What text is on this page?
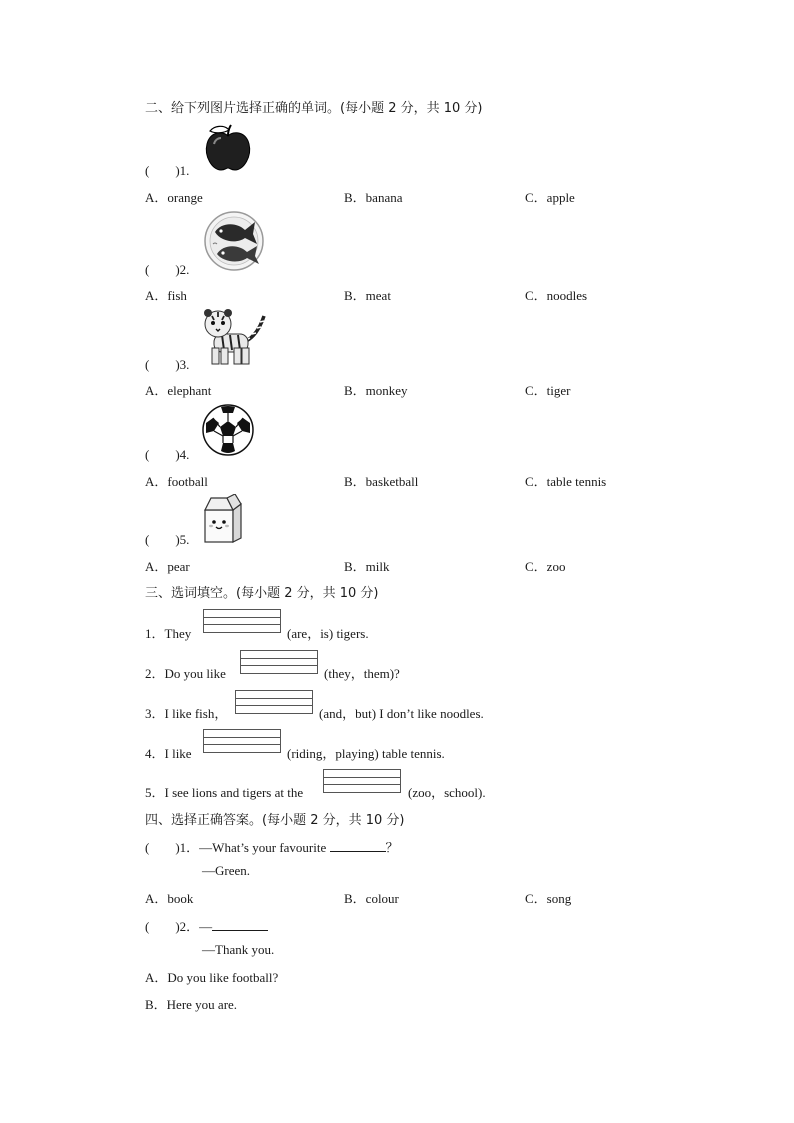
二、给下列图片选择正确的单词。(每小题 2 分，共 10 分)
(　　)1.
A．orange	B．banana	C．apple
(　　)2.
A．fish	B．meat	C．noodles
(　　)3.
A．elephant	B．monkey	C．tiger
(　　)4.
A．football	B．basketball	C．table tennis
(　　)5.
A．pear	B．milk	C．zoo
三、选词填空。(每小题 2 分，共 10 分)
1．They	(are，is) tigers.
2．Do you like	(they，them)?
3．I like fish，	(and，but) I don’t like noodles.
4．I like	(riding，playing) table tennis.
5．I see lions and tigers at the	(zoo，school).
四、选择正确答案。(每小题 2 分，共 10 分)
(　　)1．—What’s your favourite	？
—Green.
A．book	B．colour	C．song
(　　)2．—
—Thank you.
A．Do you like football?
B．Here you are.
